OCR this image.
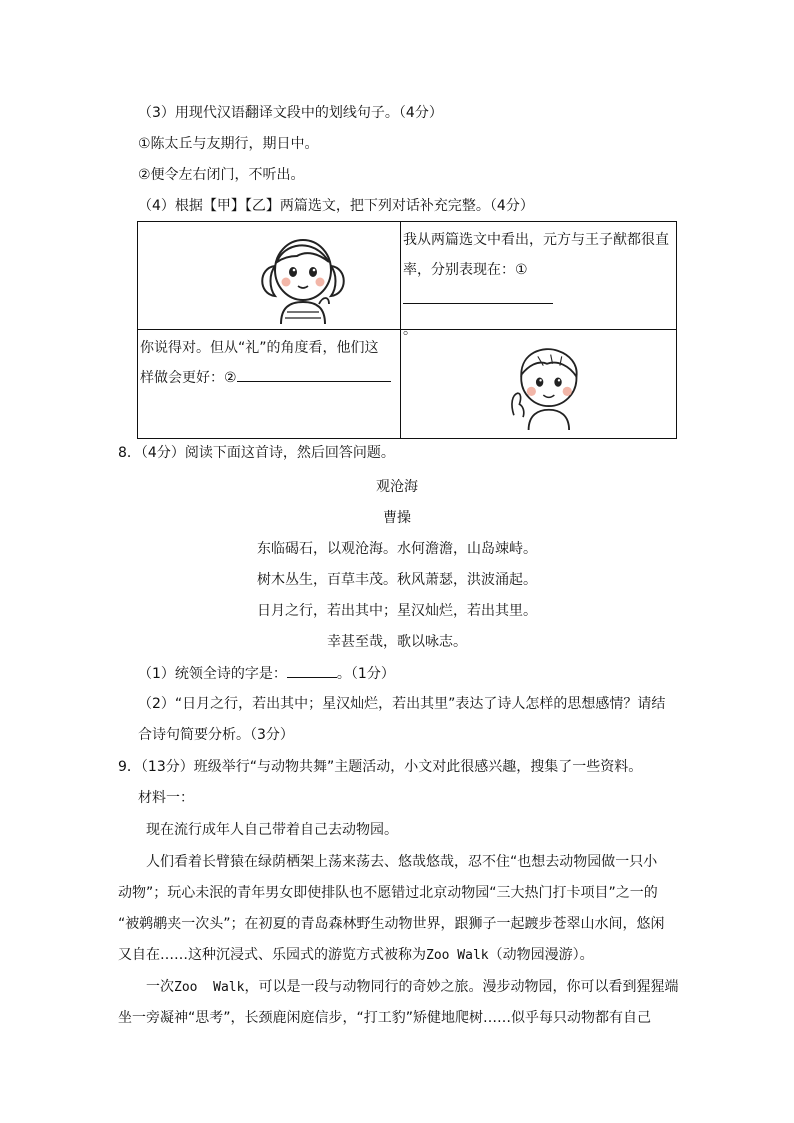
（3）用现代汉语翻译文段中的划线句子。（4分）
①陈太丘与友期行，期日中。
②便令左右闭门，不听出。
（4）根据【甲】【乙】两篇选文，把下列对话补充完整。（4分）

我从两篇选文中看出，元方与王子猷都很直
率，分别表现在：①
。

你说得对。但从“礼”的角度看，他们这
样做会更好：②

8．（4分）阅读下面这首诗，然后回答问题。
观沧海
曹操
东临碣石，以观沧海。水何澹澹，山岛竦峙。
树木丛生，百草丰茂。秋风萧瑟，洪波涌起。
日月之行，若出其中；星汉灿烂，若出其里。
幸甚至哉，歌以咏志。
（1）统领全诗的字是：	。（1分）
（2）“日月之行，若出其中；星汉灿烂，若出其里”表达了诗人怎样的思想感情？请结
合诗句简要分析。（3分）
9．（13分）班级举行“与动物共舞”主题活动，小文对此很感兴趣，搜集了一些资料。
材料一：
现在流行成年人自己带着自己去动物园。
人们看着长臂猿在绿荫栖架上荡来荡去、悠哉悠哉，忍不住“也想去动物园做一只小
动物”；玩心未泯的青年男女即使排队也不愿错过北京动物园“三大热门打卡项目”之一的
“被鹈鹕夹一次头”；在初夏的青岛森林野生动物世界，跟狮子一起踱步苍翠山水间，悠闲
又自在……这种沉浸式、乐园式的游览方式被称为Zoo Walk（动物园漫游）。
一次Zoo  Walk，可以是一段与动物同行的奇妙之旅。漫步动物园，你可以看到猩猩端
坐一旁凝神“思考”，长颈鹿闲庭信步，“打工豹”矫健地爬树……似乎每只动物都有自己
